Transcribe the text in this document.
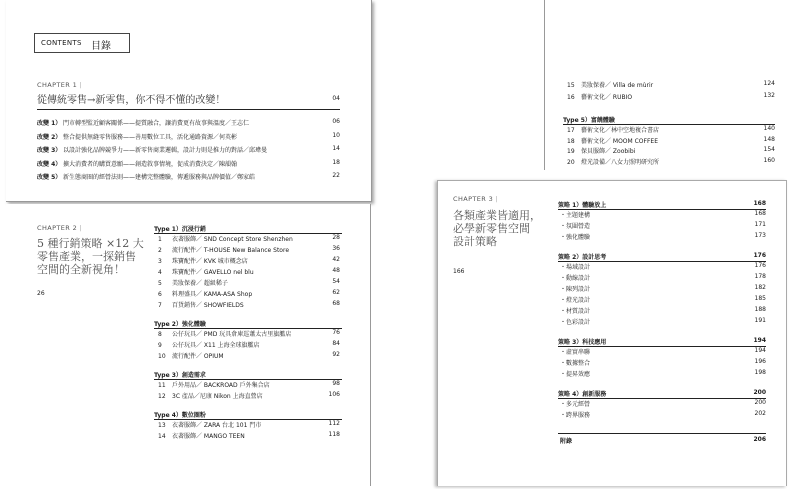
CONTENTS 目錄
CHAPTER 1 |
從傳統零售→新零售，你不得不懂的改變！	04
改變 1） 門市轉型監近顧客關係——提質融合，讓消費更有故事與溫度／王志仁	06
改變 2） 整合提供無縫零售服務——善用數位工具，活化通路資源／何英彬	10
改變 3） 以設計強化品牌競爭力——新零售商業邏輯，設計力則是推力的對話／邱瑋曼	14
改變 4） 擴大消費者的購買意願——創造敘事情境，促成消費決定／陳韻翰	18
改變 5） 新生態商圈的經營法則——建構完整體驗，傳遞服務與品牌價值／鄭家皓	22
CHAPTER 2 |
5 種行銷策略 ×12 大
零售產業，一探銷售
空間的全新視角！
26
Type 1）沉浸行銷
1 衣著服飾／ SND Concept Store Shenzhen	28
2 流行配件／ T-HOUSE New Balance Store	36
3 珠寶配件／ KVK 城市概念店	42
4 珠寶配件／ GAVELLO nel blu	48
5 美妝保養／ 超級稀子	54
6 料理盛具／ KAMA-ASA Shop	62
7 百貨銷售／ SHOWFIELDS	68
Type 2）強化體驗
8 公仔玩具／ PMD 玩具倉庫巡蕭太古里旗艦店	76
9 公仔玩具／ X11 上海全球旗艦店	84
10 流行配件／ OPIUM	92
Type 3）創造需求
11 戶外用品／ BACKROAD 戶外集合店	98
12 3C 產品／尼康 Nikon 上海直營店	106
Type 4）數位圈粉
13 衣著服飾／ ZARA 台北 101 門市	112
14 衣著服飾／ MANGO TEEN	118
15 美妝保養／ Villa de mùrir	124
16 藝術文化／ RUBIO	132
Type 5）富饒體驗
17 藝術文化／林中空地複合書店	140
18 藝術文化／ MOOM COFFEE	148
19 保貝服飾／ Zoobibi	154
20 燈光設備／八女力照明研究所	160
CHAPTER 3 |
各類產業皆適用，
必學新零售空間
設計策略
166
策略 1）體驗放上	168
・主題建構	168
・氛圍營造	171
・強化體驗	173
策略 2）設計思考	176
・場域設計	176
・動線設計	178
・陳列設計	182
・燈光設計	185
・材質設計	188
・色彩設計	191
策略 3）科技應用	194
・虛實串聯	194
・數據整合	196
・提昇效應	198
策略 4）創新服務	200
・多元經營	200
・跨界服務	202
附錄	206
